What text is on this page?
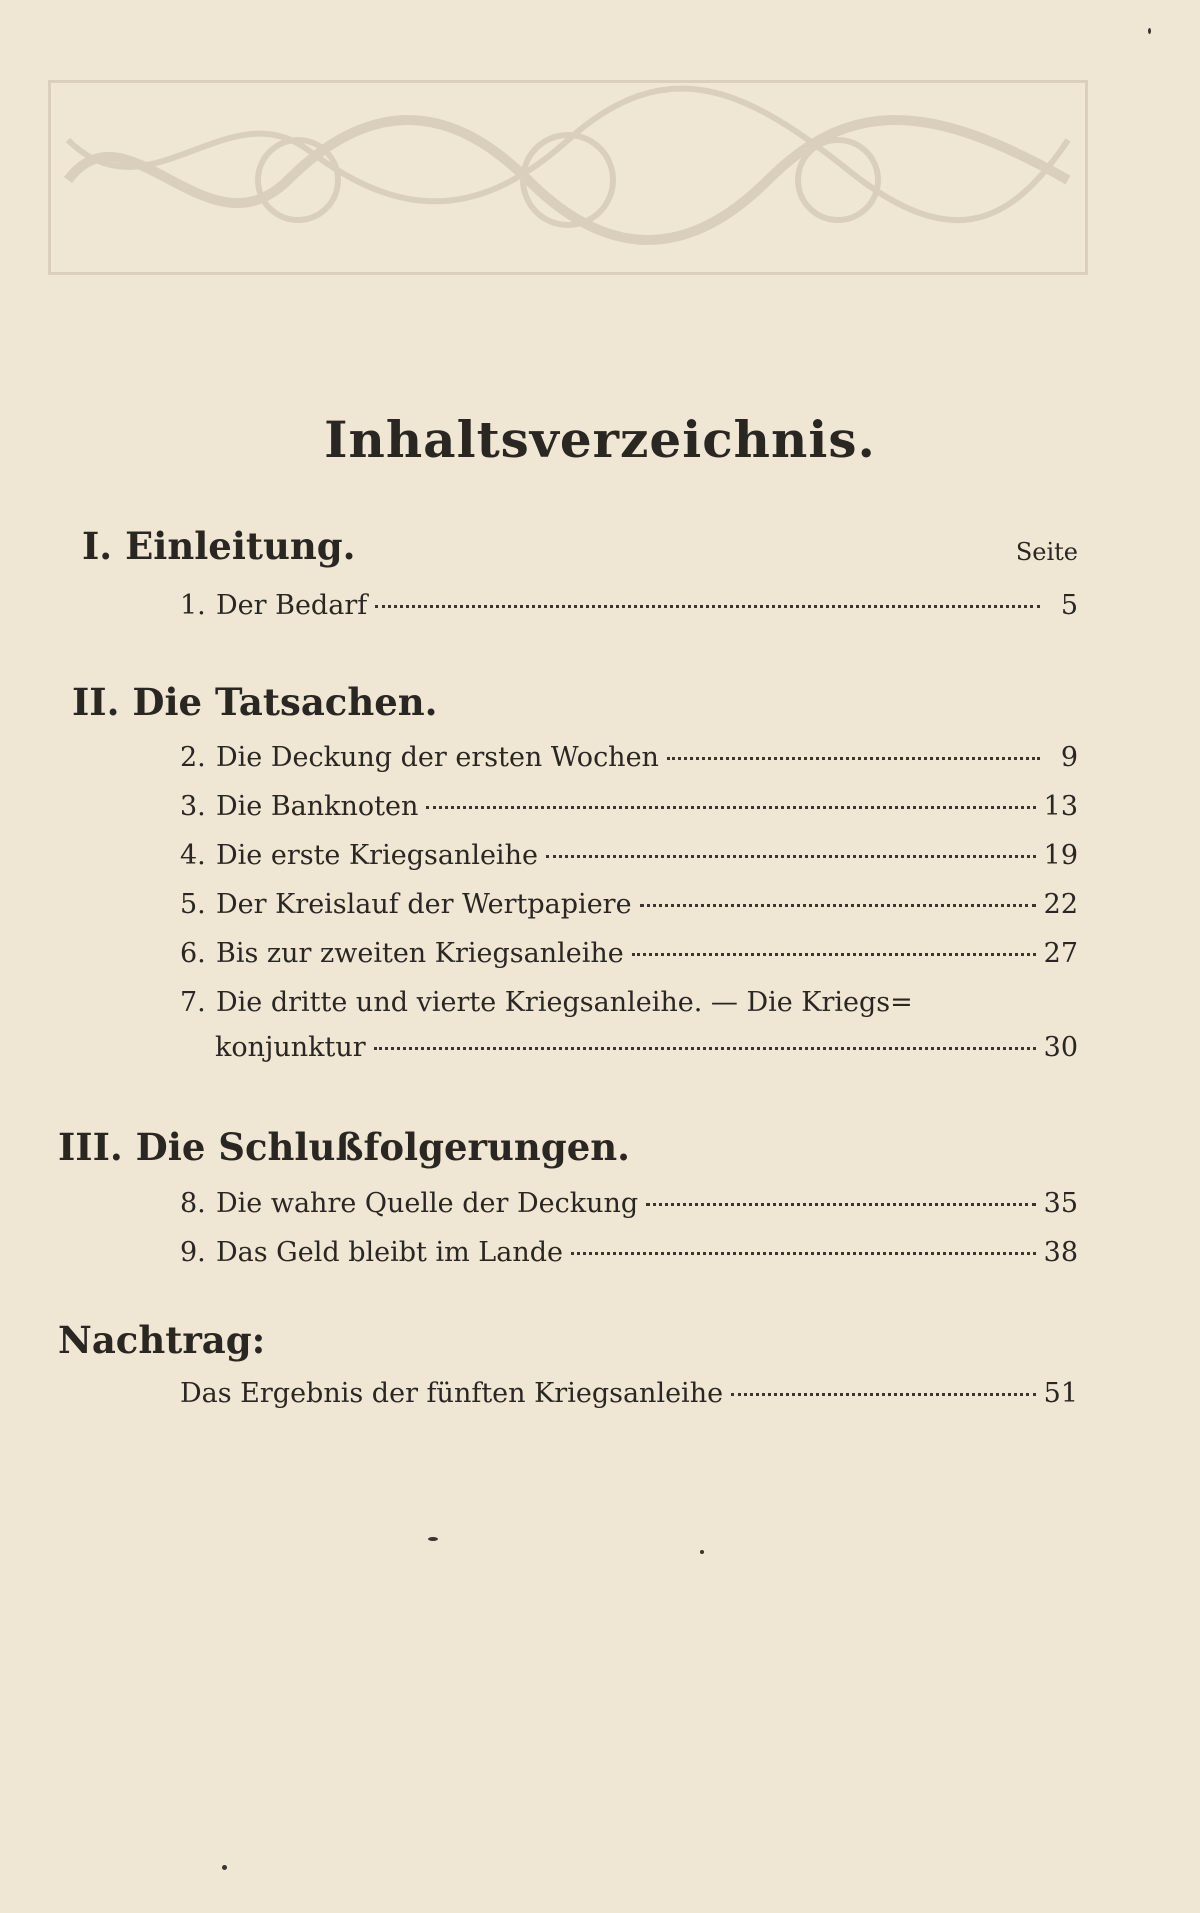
Inhaltsverzeichnis.
Seite
I. Einleitung.
1. Der Bedarf	5
II. Die Tatsachen.
2. Die Deckung der ersten Wochen	9
3. Die Banknoten	13
4. Die erste Kriegsanleihe	19
5. Der Kreislauf der Wertpapiere	22
6. Bis zur zweiten Kriegsanleihe	27
7. Die dritte und vierte Kriegsanleihe. — Die Kriegs=
konjunktur	30
III. Die Schlußfolgerungen.
8. Die wahre Quelle der Deckung	35
9. Das Geld bleibt im Lande	38
Nachtrag:
Das Ergebnis der fünften Kriegsanleihe	51
